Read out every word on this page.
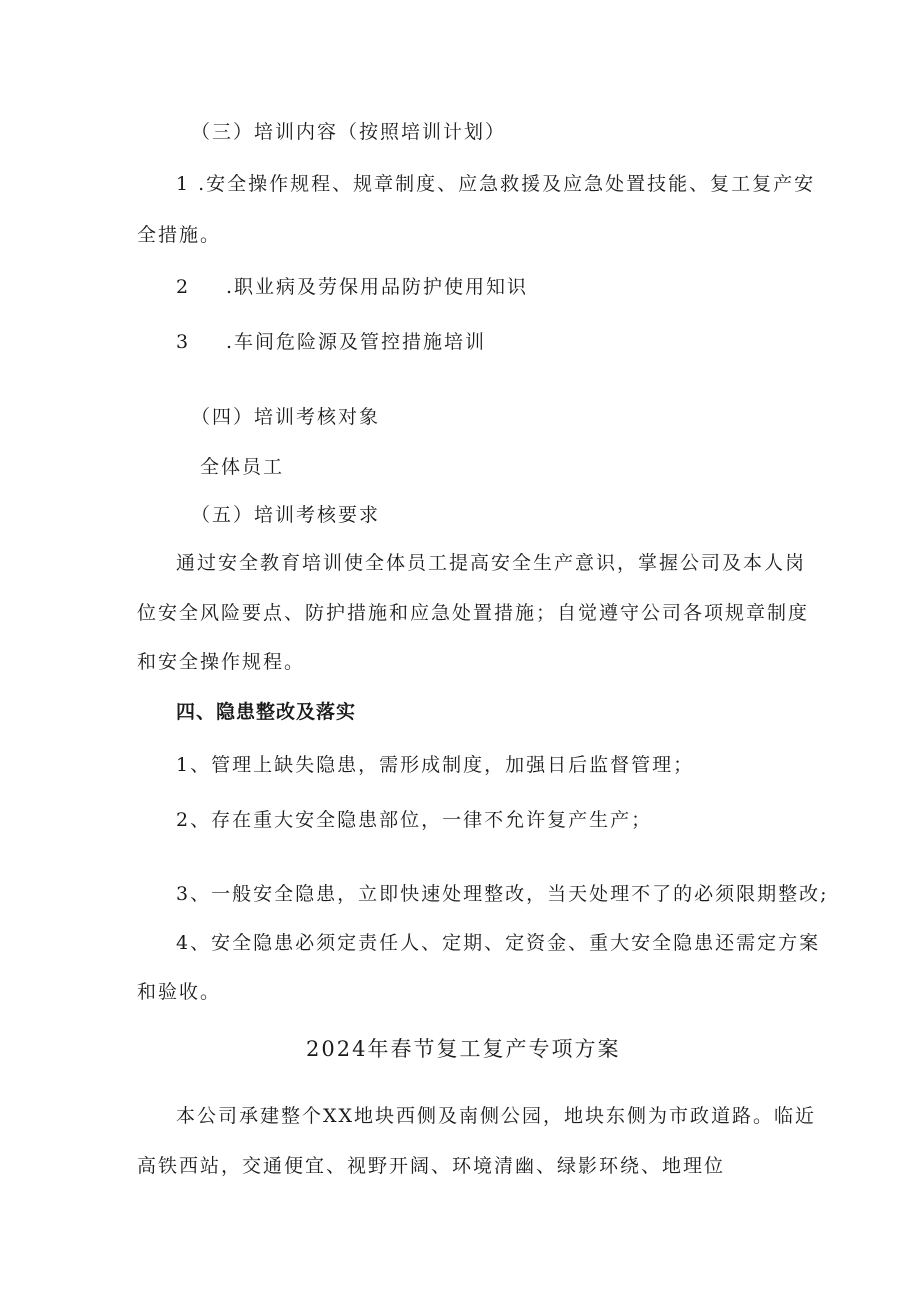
（三）培训内容（按照培训计划）
1 .安全操作规程、规章制度、应急救援及应急处置技能、复工复产安
全措施。
2 .职业病及劳保用品防护使用知识
3 .车间危险源及管控措施培训
（四）培训考核对象
全体员工
（五）培训考核要求
通过安全教育培训使全体员工提高安全生产意识，掌握公司及本人岗
位安全风险要点、防护措施和应急处置措施；自觉遵守公司各项规章制度
和安全操作规程。
四、隐患整改及落实
1、管理上缺失隐患，需形成制度，加强日后监督管理；
2、存在重大安全隐患部位，一律不允许复产生产；
3、一般安全隐患，立即快速处理整改，当天处理不了的必须限期整改;
4、安全隐患必须定责任人、定期、定资金、重大安全隐患还需定方案
和验收。
2024年春节复工复产专项方案
本公司承建整个XX地块西侧及南侧公园，地块东侧为市政道路。临近
高铁西站，交通便宜、视野开阔、环境清幽、绿影环绕、地理位
